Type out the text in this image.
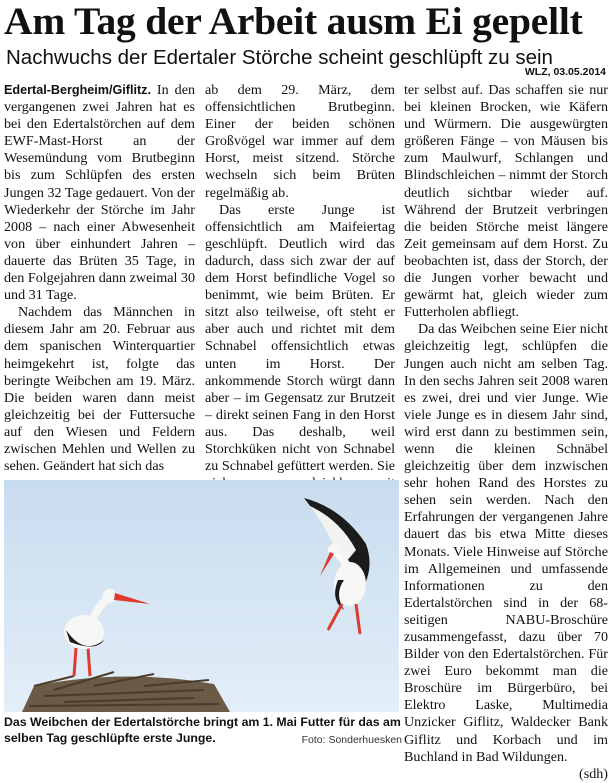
Am Tag der Arbeit ausm Ei gepellt
Nachwuchs der Edertaler Störche scheint geschlüpft zu sein
WLZ, 03.05.2014

Edertal-Bergheim/Giflitz. In den vergangenen zwei Jahren hat es bei den Edertalstörchen auf dem EWF-Mast-Horst an der Wesemündung vom Brutbeginn bis zum Schlüpfen des ersten Jungen 32 Tage gedauert. Von der Wiederkehr der Störche im Jahr 2008 – nach einer Abwesenheit von über einhundert Jahren – dauerte das Brüten 35 Tage, in den Folgejahren dann zweimal 30 und 31 Tage.

Nachdem das Männchen in diesem Jahr am 20. Februar aus dem spanischen Winterquartier heimgekehrt ist, folgte das beringte Weibchen am 19. März. Die beiden waren dann meist gleichzeitig bei der Futtersuche auf den Wiesen und Feldern zwischen Mehlen und Wellen zu sehen. Geändert hat sich das

ab dem 29. März, dem offensichtlichen Brutbeginn. Einer der beiden schönen Großvögel war immer auf dem Horst, meist sitzend. Störche wechseln sich beim Brüten regelmäßig ab.

Das erste Junge ist offensichtlich am Maifeiertag geschlüpft. Deutlich wird das dadurch, dass sich zwar der auf dem Horst befindliche Vogel so benimmt, wie beim Brüten. Er sitzt also teilweise, oft steht er aber auch und richtet mit dem Schnabel offensichtlich etwas unten im Horst. Der ankommende Storch würgt dann aber – im Gegensatz zur Brutzeit – direkt seinen Fang in den Horst aus. Das deshalb, weil Storchküken nicht von Schnabel zu Schnabel gefüttert werden. Sie

ter selbst auf. Das schaffen sie nur bei kleinen Brocken, wie Käfern und Würmern. Die ausgewürgten größeren Fänge – von Mäusen bis zum Maulwurf, Schlangen und Blindschleichen – nimmt der Storch deutlich sichtbar wieder auf. Während der Brutzeit verbringen die beiden Störche meist längere Zeit gemeinsam auf dem Horst. Zu beobachten ist, dass der Storch, der die Jungen vorher bewacht und gewärmt hat, gleich wieder zum Futterholen abfliegt.

Da das Weibchen seine Eier nicht gleichzeitig legt, schlüpfen die Jungen auch nicht am selben Tag. In den sechs Jahren seit 2008 waren es zwei, drei und vier Junge. Wie viele Junge es in diesem Jahr sind, wird erst dann zu bestimmen sein, wenn die kleinen Schnäbel gleichzeitig über dem inzwischen sehr hohen Rand des Horstes zu sehen sein werden. Nach den Erfahrungen der vergangenen Jahre dauert das bis etwa Mitte dieses Monats. Viele Hinweise auf Störche im Allgemeinen und umfassende Informationen zu den Edertalstörchen sind in der 68-seitigen NABU-Broschüre zusammengefasst, dazu über 70 Bilder von den Edertalstörchen. Für zwei Euro bekommt man die Broschüre im Bürgerbüro, bei Elektro Laske, Multimedia Unzicker Giflitz, Waldecker Bank Giflitz und Korbach und im Buchland in Bad Wildungen.
(sdh)

Das Weibchen der Edertalstörche bringt am 1. Mai Futter für das am selben Tag geschlüpfte erste Junge.	Foto: Sonderhuesken
